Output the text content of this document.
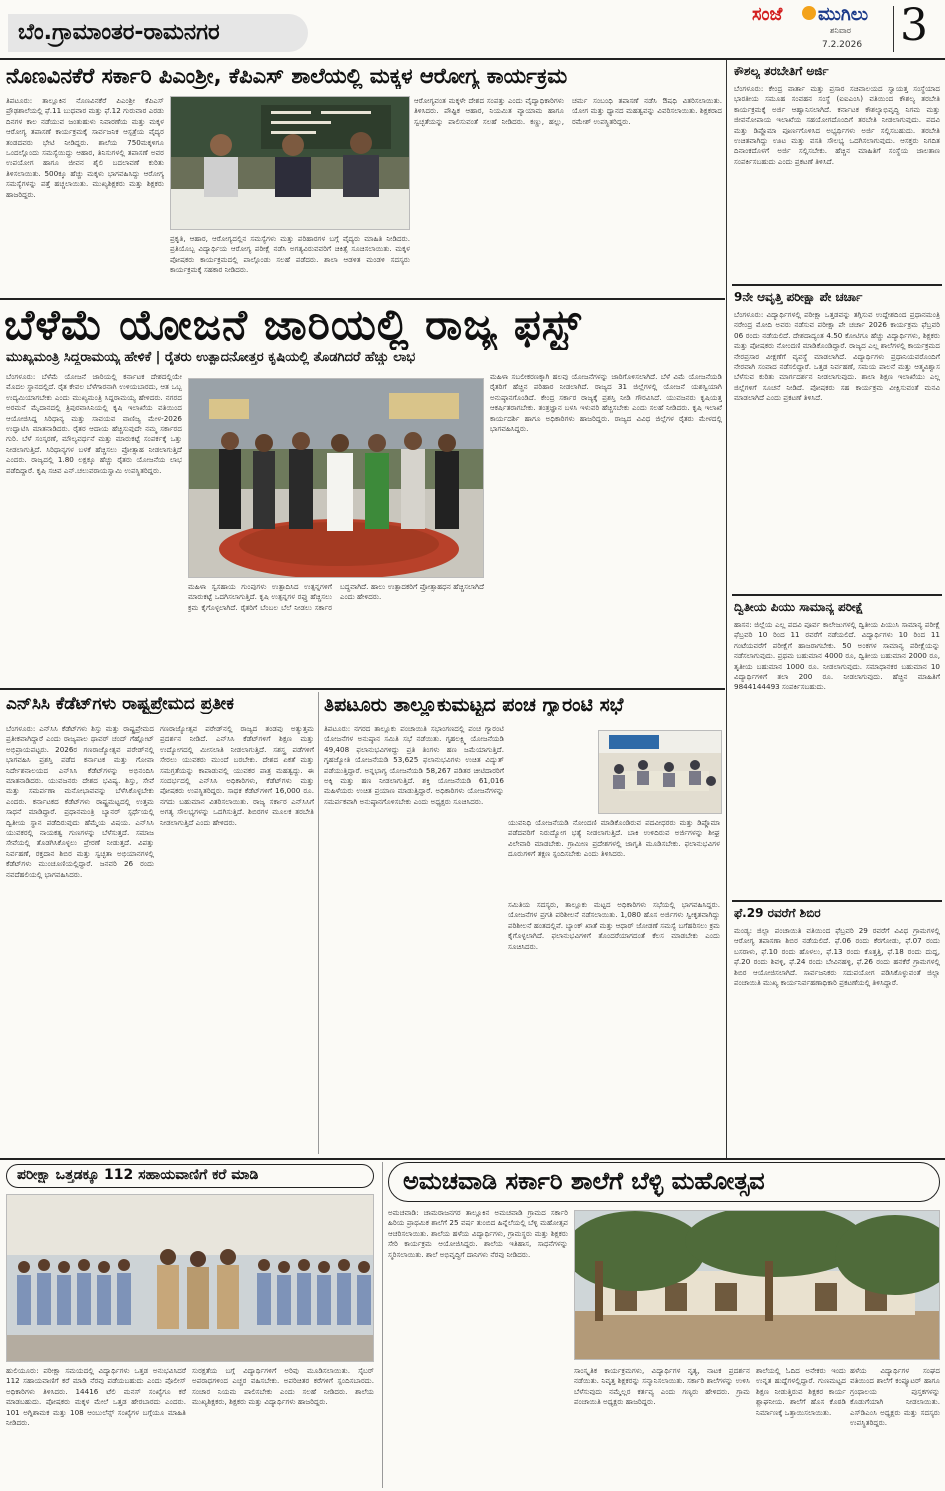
ಬೆಂ.ಗ್ರಾಮಾಂತರ-ರಾಮನಗರ
ಸಂಜೆ ಮುಗಿಲು
ಶನಿವಾರ
7.2.2026 3
ನೊಣವಿನಕೆರೆ ಸರ್ಕಾರಿ ಪಿಎಂಶ್ರೀ, ಕೆಪಿಎಸ್ ಶಾಲೆಯಲ್ಲಿ ಮಕ್ಕಳ ಆರೋಗ್ಯ ಕಾರ್ಯಕ್ರಮ
ತಿಪಟೂರು: ತಾಲ್ಲೂಕಿನ ನೊಣವಿನಕೆರೆ ಪಿಎಂಶ್ರೀ ಕೆಪಿಎಸ್ ಪ್ರೌಢಶಾಲೆಯಲ್ಲಿ ಫೆ.11 ಬುಧವಾರ ಮತ್ತು ಫೆ.12 ಗುರುವಾರ ಎರಡು ದಿನಗಳ ಕಾಲ ನಡೆಯುವ ಜಂತುಹುಳು ನಿವಾರಣೆಯ ಮತ್ತು ಮಕ್ಕಳ ಆರೋಗ್ಯ ತಪಾಸಣೆ ಕಾರ್ಯಕ್ರಮಕ್ಕೆ ಸಾರ್ವಜನಿಕ ಆಸ್ಪತ್ರೆಯ ವೈದ್ಯರ ತಂಡದವರು ಭೇಟಿ ನೀಡಿದ್ದರು. ಶಾಲೆಯ 750ಮಕ್ಕಳಿಗೂ ಒಂದಲ್ಲೊಂದು ಸಮಸ್ಯೆಯಿದ್ದು ಆಹಾರ, ತಿನಿಸುಗಳಲ್ಲಿ ತಪಾಸಣೆ ಅವರ ಉಪಯೋಗ ಹಾಗೂ ಜೀವನ ಶೈಲಿ ಬದಲಾವಣೆ ಕುರಿತು ತಿಳಿಸಲಾಯಿತು. 500ಕ್ಕೂ ಹೆಚ್ಚು ಮಕ್ಕಳು ಭಾಗವಹಿಸಿದ್ದು ಆರೋಗ್ಯ ಸಮಸ್ಯೆಗಳನ್ನು ಪತ್ತೆ ಹಚ್ಚಲಾಯಿತು. ಮುಖ್ಯಶಿಕ್ಷಕರು ಮತ್ತು ಶಿಕ್ಷಕರು ಹಾಜರಿದ್ದರು.
ಪ್ರಕೃತಿ, ಆಹಾರ, ಆರೋಗ್ಯದಲ್ಲಿನ ಸಮಸ್ಯೆಗಳು ಮತ್ತು ಪರಿಹಾರಗಳ ಬಗ್ಗೆ ವೈದ್ಯರು ಮಾಹಿತಿ ನೀಡಿದರು. ಪ್ರತಿಯೊಬ್ಬ ವಿದ್ಯಾರ್ಥಿಯ ಆರೋಗ್ಯ ಪರೀಕ್ಷೆ ನಡೆಸಿ ಅಗತ್ಯವಿರುವವರಿಗೆ ಚಿಕಿತ್ಸೆ ಸೂಚಿಸಲಾಯಿತು. ಮಕ್ಕಳ ಪೋಷಕರು ಕಾರ್ಯಕ್ರಮದಲ್ಲಿ ಪಾಲ್ಗೊಂಡು ಸಲಹೆ ಪಡೆದರು. ಶಾಲಾ ಆಡಳಿತ ಮಂಡಳಿ ಸದಸ್ಯರು ಕಾರ್ಯಕ್ರಮಕ್ಕೆ ಸಹಕಾರ ನೀಡಿದರು.
ಆರೋಗ್ಯವಂತ ಮಕ್ಕಳೇ ದೇಶದ ಸಂಪತ್ತು ಎಂದು ವೈದ್ಯಾಧಿಕಾರಿಗಳು ತಿಳಿಸಿದರು. ಪೌಷ್ಟಿಕ ಆಹಾರ, ನಿಯಮಿತ ವ್ಯಾಯಾಮ ಹಾಗೂ ಸ್ವಚ್ಛತೆಯನ್ನು ಪಾಲಿಸುವಂತೆ ಸಲಹೆ ನೀಡಿದರು. ಕಣ್ಣು, ಹಲ್ಲು, ಚರ್ಮ ಸಂಬಂಧಿ ತಪಾಸಣೆ ನಡೆಸಿ ಔಷಧಿ ವಿತರಿಸಲಾಯಿತು. ಯೋಗ ಮತ್ತು ಧ್ಯಾನದ ಮಹತ್ವವನ್ನು ವಿವರಿಸಲಾಯಿತು. ಶಿಕ್ಷಕರಾದ ರಮೇಶ್ ಉಪಸ್ಥಿತರಿದ್ದರು.
ಬೆಳೆಮೆ ಯೋಜನೆ ಜಾರಿಯಲ್ಲಿ ರಾಜ್ಯ ಫಸ್ಟ್
ಮುಖ್ಯಮಂತ್ರಿ ಸಿದ್ದರಾಮಯ್ಯ ಹೇಳಿಕೆ | ರೈತರು ಉತ್ಪಾದನೋತ್ತರ ಕೃಷಿಯಲ್ಲಿ ತೊಡಗಿದರೆ ಹೆಚ್ಚು ಲಾಭ
ಬೆಂಗಳೂರು: ಬೆಳೆಮೆ ಯೋಜನೆ ಜಾರಿಯಲ್ಲಿ ಕರ್ನಾಟಕ ದೇಶದಲ್ಲಿಯೇ ಮೊದಲ ಸ್ಥಾನದಲ್ಲಿದೆ. ರೈತ ಕೇವಲ ಬೆಳೆಗಾರನಾಗಿ ಉಳಿಯಬಾರದು, ಆತ ಒಬ್ಬ ಉದ್ಯಮಿಯಾಗಬೇಕು ಎಂದು ಮುಖ್ಯಮಂತ್ರಿ ಸಿದ್ದರಾಮಯ್ಯ ಹೇಳಿದರು. ನಗರದ ಅರಮನೆ ಮೈದಾನದಲ್ಲಿ ತ್ರಿಪುರವಾಸಿನಿಯಲ್ಲಿ ಕೃಷಿ ಇಲಾಖೆಯ ವತಿಯಿಂದ ಆಯೋಜಿಸಿದ್ದ ಸಿರಿಧಾನ್ಯ ಮತ್ತು ಸಾವಯವ ವಾಣಿಜ್ಯ ಮೇಳ-2026 ಉದ್ಘಾಟಿಸಿ ಮಾತನಾಡಿದರು. ರೈತರ ಆದಾಯ ಹೆಚ್ಚಿಸುವುದೇ ನಮ್ಮ ಸರ್ಕಾರದ ಗುರಿ. ಬೆಳೆ ಸಂಸ್ಕರಣೆ, ಮೌಲ್ಯವರ್ಧನೆ ಮತ್ತು ಮಾರುಕಟ್ಟೆ ಸಂಪರ್ಕಕ್ಕೆ ಒತ್ತು ನೀಡಲಾಗುತ್ತಿದೆ. ಸಿರಿಧಾನ್ಯಗಳ ಬಳಕೆ ಹೆಚ್ಚಿಸಲು ಪ್ರೋತ್ಸಾಹ ನೀಡಲಾಗುತ್ತಿದೆ ಎಂದರು. ರಾಜ್ಯದಲ್ಲಿ 1.80 ಲಕ್ಷಕ್ಕೂ ಹೆಚ್ಚು ರೈತರು ಯೋಜನೆಯ ಲಾಭ ಪಡೆದಿದ್ದಾರೆ. ಕೃಷಿ ಸಚಿವ ಎನ್.ಚಲುವರಾಯಸ್ವಾಮಿ ಉಪಸ್ಥಿತರಿದ್ದರು.
ಮಹಿಳಾ ಸ್ವಸಹಾಯ ಗುಂಪುಗಳು ಉತ್ಪಾದಿಸಿದ ಉತ್ಪನ್ನಗಳಿಗೆ ಮಾರುಕಟ್ಟೆ ಒದಗಿಸಲಾಗುತ್ತಿದೆ. ಕೃಷಿ ಉತ್ಪನ್ನಗಳ ರಫ್ತು ಹೆಚ್ಚಿಸಲು ಕ್ರಮ ಕೈಗೊಳ್ಳಲಾಗಿದೆ. ರೈತರಿಗೆ ಬೆಂಬಲ ಬೆಲೆ ನೀಡಲು ಸರ್ಕಾರ ಬದ್ಧವಾಗಿದೆ. ಹಾಲು ಉತ್ಪಾದಕರಿಗೆ ಪ್ರೋತ್ಸಾಹಧನ ಹೆಚ್ಚಿಸಲಾಗಿದೆ ಎಂದು ಹೇಳಿದರು.
ಮಹಿಳಾ ಸಬಲೀಕರಣಕ್ಕಾಗಿ ಹಲವು ಯೋಜನೆಗಳನ್ನು ಜಾರಿಗೊಳಿಸಲಾಗಿದೆ. ಬೆಳೆ ವಿಮೆ ಯೋಜನೆಯಡಿ ರೈತರಿಗೆ ಹೆಚ್ಚಿನ ಪರಿಹಾರ ನೀಡಲಾಗಿದೆ. ರಾಜ್ಯದ 31 ಜಿಲ್ಲೆಗಳಲ್ಲಿ ಯೋಜನೆ ಯಶಸ್ವಿಯಾಗಿ ಅನುಷ್ಠಾನಗೊಂಡಿದೆ. ಕೇಂದ್ರ ಸರ್ಕಾರ ರಾಜ್ಯಕ್ಕೆ ಪ್ರಶಸ್ತಿ ನೀಡಿ ಗೌರವಿಸಿದೆ. ಯುವಜನರು ಕೃಷಿಯತ್ತ ಆಕರ್ಷಿತರಾಗಬೇಕು. ತಂತ್ರಜ್ಞಾನ ಬಳಸಿ ಇಳುವರಿ ಹೆಚ್ಚಿಸಬೇಕು ಎಂದು ಸಲಹೆ ನೀಡಿದರು. ಕೃಷಿ ಇಲಾಖೆ ಕಾರ್ಯದರ್ಶಿ ಹಾಗೂ ಅಧಿಕಾರಿಗಳು ಹಾಜರಿದ್ದರು. ರಾಜ್ಯದ ವಿವಿಧ ಜಿಲ್ಲೆಗಳ ರೈತರು ಮೇಳದಲ್ಲಿ ಭಾಗವಹಿಸಿದ್ದರು.
ಎನ್‌ಸಿಸಿ ಕೆಡೆಟ್‌ಗಳು ರಾಷ್ಟ್ರಪ್ರೇಮದ ಪ್ರತೀಕ
ಬೆಂಗಳೂರು: ಎನ್‌ಸಿಸಿ ಕೆಡೆಟ್‌ಗಳು ಶಿಸ್ತು ಮತ್ತು ರಾಷ್ಟ್ರಪ್ರೇಮದ ಪ್ರತೀಕವಾಗಿದ್ದಾರೆ ಎಂದು ರಾಜ್ಯಪಾಲ ಥಾವರ್ ಚಂದ್ ಗೆಹ್ಲೋಟ್ ಅಭಿಪ್ರಾಯಪಟ್ಟರು. 2026ರ ಗಣರಾಜ್ಯೋತ್ಸವ ಪರೇಡ್‌ನಲ್ಲಿ ಭಾಗವಹಿಸಿ ಪ್ರಶಸ್ತಿ ಪಡೆದ ಕರ್ನಾಟಕ ಮತ್ತು ಗೋವಾ ನಿರ್ದೇಶನಾಲಯದ ಎನ್‌ಸಿಸಿ ಕೆಡೆಟ್‌ಗಳನ್ನು ಅಭಿನಂದಿಸಿ ಮಾತನಾಡಿದರು. ಯುವಜನರು ದೇಶದ ಭವಿಷ್ಯ. ಶಿಸ್ತು, ಸೇವೆ ಮತ್ತು ಸಮರ್ಪಣಾ ಮನೋಭಾವವನ್ನು ಬೆಳೆಸಿಕೊಳ್ಳಬೇಕು ಎಂದರು. ಕರ್ನಾಟಕದ ಕೆಡೆಟ್‌ಗಳು ರಾಷ್ಟ್ರಮಟ್ಟದಲ್ಲಿ ಉತ್ತಮ ಸಾಧನೆ ಮಾಡಿದ್ದಾರೆ. ಪ್ರಧಾನಮಂತ್ರಿ ಬ್ಯಾನರ್ ಸ್ಪರ್ಧೆಯಲ್ಲಿ ದ್ವಿತೀಯ ಸ್ಥಾನ ಪಡೆದಿರುವುದು ಹೆಮ್ಮೆಯ ವಿಷಯ. ಎನ್‌ಸಿಸಿ ಯುವಕರಲ್ಲಿ ನಾಯಕತ್ವ ಗುಣಗಳನ್ನು ಬೆಳೆಸುತ್ತದೆ. ಸಮಾಜ ಸೇವೆಯಲ್ಲಿ ತೊಡಗಿಸಿಕೊಳ್ಳಲು ಪ್ರೇರಣೆ ನೀಡುತ್ತದೆ. ವಿಪತ್ತು ನಿರ್ವಹಣೆ, ರಕ್ತದಾನ ಶಿಬಿರ ಮತ್ತು ಸ್ವಚ್ಛತಾ ಅಭಿಯಾನಗಳಲ್ಲಿ ಕೆಡೆಟ್‌ಗಳು ಮುಂಚೂಣಿಯಲ್ಲಿದ್ದಾರೆ. ಜನವರಿ 26 ರಂದು ನವದೆಹಲಿಯಲ್ಲಿ ಭಾಗವಹಿಸಿದರು.
ಗಣರಾಜ್ಯೋತ್ಸವ ಪರೇಡ್‌ನಲ್ಲಿ ರಾಜ್ಯದ ತಂಡವು ಅತ್ಯುತ್ತಮ ಪ್ರದರ್ಶನ ನೀಡಿದೆ. ಎನ್‌ಸಿಸಿ ಕೆಡೆಟ್‌ಗಳಿಗೆ ಶಿಕ್ಷಣ ಮತ್ತು ಉದ್ಯೋಗದಲ್ಲಿ ಮೀಸಲಾತಿ ನೀಡಲಾಗುತ್ತಿದೆ. ಸಶಸ್ತ್ರ ಪಡೆಗಳಿಗೆ ಸೇರಲು ಯುವಕರು ಮುಂದೆ ಬರಬೇಕು. ದೇಶದ ಏಕತೆ ಮತ್ತು ಸಮಗ್ರತೆಯನ್ನು ಕಾಪಾಡುವಲ್ಲಿ ಯುವಕರ ಪಾತ್ರ ಮಹತ್ವದ್ದು. ಈ ಸಂದರ್ಭದಲ್ಲಿ ಎನ್‌ಸಿಸಿ ಅಧಿಕಾರಿಗಳು, ಕೆಡೆಟ್‌ಗಳು ಮತ್ತು ಪೋಷಕರು ಉಪಸ್ಥಿತರಿದ್ದರು. ಸಾಧಕ ಕೆಡೆಟ್‌ಗಳಿಗೆ 16,000 ರೂ. ನಗದು ಬಹುಮಾನ ವಿತರಿಸಲಾಯಿತು. ರಾಜ್ಯ ಸರ್ಕಾರ ಎನ್‌ಸಿಸಿಗೆ ಅಗತ್ಯ ಸೌಲಭ್ಯಗಳನ್ನು ಒದಗಿಸುತ್ತಿದೆ. ಶಿಬಿರಗಳ ಮೂಲಕ ತರಬೇತಿ ನೀಡಲಾಗುತ್ತಿದೆ ಎಂದು ಹೇಳಿದರು.
ತಿಪಟೂರು ತಾಲ್ಲೂಕುಮಟ್ಟದ ಪಂಚ ಗ್ಯಾರಂಟಿ ಸಭೆ
ತಿಪಟೂರು: ನಗರದ ತಾಲ್ಲೂಕು ಪಂಚಾಯಿತಿ ಸಭಾಂಗಣದಲ್ಲಿ ಪಂಚ ಗ್ಯಾರಂಟಿ ಯೋಜನೆಗಳ ಅನುಷ್ಠಾನ ಸಮಿತಿ ಸಭೆ ನಡೆಯಿತು. ಗೃಹಲಕ್ಷ್ಮಿ ಯೋಜನೆಯಡಿ 49,408 ಫಲಾನುಭವಿಗಳಿದ್ದು ಪ್ರತಿ ತಿಂಗಳು ಹಣ ಜಮೆಯಾಗುತ್ತಿದೆ. ಗೃಹಜ್ಯೋತಿ ಯೋಜನೆಯಡಿ 53,625 ಫಲಾನುಭವಿಗಳು ಉಚಿತ ವಿದ್ಯುತ್ ಪಡೆಯುತ್ತಿದ್ದಾರೆ. ಅನ್ನಭಾಗ್ಯ ಯೋಜನೆಯಡಿ 58,267 ಪಡಿತರ ಚೀಟಿದಾರರಿಗೆ ಅಕ್ಕಿ ಮತ್ತು ಹಣ ನೀಡಲಾಗುತ್ತಿದೆ. ಶಕ್ತಿ ಯೋಜನೆಯಡಿ 61,016 ಮಹಿಳೆಯರು ಉಚಿತ ಪ್ರಯಾಣ ಮಾಡುತ್ತಿದ್ದಾರೆ. ಅಧಿಕಾರಿಗಳು ಯೋಜನೆಗಳನ್ನು ಸಮರ್ಪಕವಾಗಿ ಅನುಷ್ಠಾನಗೊಳಿಸಬೇಕು ಎಂದು ಅಧ್ಯಕ್ಷರು ಸೂಚಿಸಿದರು.
ಯುವನಿಧಿ ಯೋಜನೆಯಡಿ ನೋಂದಣಿ ಮಾಡಿಕೊಂಡಿರುವ ಪದವೀಧರರು ಮತ್ತು ಡಿಪ್ಲೊಮಾ ಪಡೆದವರಿಗೆ ನಿರುದ್ಯೋಗ ಭತ್ಯೆ ನೀಡಲಾಗುತ್ತಿದೆ. ಬಾಕಿ ಉಳಿದಿರುವ ಅರ್ಜಿಗಳನ್ನು ಶೀಘ್ರ ವಿಲೇವಾರಿ ಮಾಡಬೇಕು. ಗ್ರಾಮೀಣ ಪ್ರದೇಶಗಳಲ್ಲಿ ಜಾಗೃತಿ ಮೂಡಿಸಬೇಕು. ಫಲಾನುಭವಿಗಳ ದೂರುಗಳಿಗೆ ತಕ್ಷಣ ಸ್ಪಂದಿಸಬೇಕು ಎಂದು ತಿಳಿಸಿದರು.
ಸಮಿತಿಯ ಸದಸ್ಯರು, ತಾಲ್ಲೂಕು ಮಟ್ಟದ ಅಧಿಕಾರಿಗಳು ಸಭೆಯಲ್ಲಿ ಭಾಗವಹಿಸಿದ್ದರು. ಯೋಜನೆಗಳ ಪ್ರಗತಿ ಪರಿಶೀಲನೆ ನಡೆಸಲಾಯಿತು. 1,080 ಹೊಸ ಅರ್ಜಿಗಳು ಸ್ವೀಕೃತವಾಗಿದ್ದು ಪರಿಶೀಲನೆ ಹಂತದಲ್ಲಿವೆ. ಬ್ಯಾಂಕ್ ಖಾತೆ ಮತ್ತು ಆಧಾರ್ ಜೋಡಣೆ ಸಮಸ್ಯೆ ಬಗೆಹರಿಸಲು ಕ್ರಮ ಕೈಗೊಳ್ಳಲಾಗಿದೆ. ಫಲಾನುಭವಿಗಳಿಗೆ ತೊಂದರೆಯಾಗದಂತೆ ಕೆಲಸ ಮಾಡಬೇಕು ಎಂದು ಸೂಚಿಸಿದರು.
ಕೌಶಲ್ಯ ತರಬೇತಿಗೆ ಅರ್ಜಿ
ಬೆಂಗಳೂರು: ಕೇಂದ್ರ ವಾರ್ತಾ ಮತ್ತು ಪ್ರಸಾರ ಸಚಿವಾಲಯದ ಸ್ವಾಯತ್ತ ಸಂಸ್ಥೆಯಾದ ಭಾರತೀಯ ಸಮೂಹ ಸಂವಹನ ಸಂಸ್ಥೆ (ಐಐಎಂಸಿ) ವತಿಯಿಂದ ಕೌಶಲ್ಯ ತರಬೇತಿ ಕಾರ್ಯಕ್ರಮಕ್ಕೆ ಅರ್ಜಿ ಆಹ್ವಾನಿಸಲಾಗಿದೆ. ಕರ್ನಾಟಕ ಕೌಶಲ್ಯಾಭಿವೃದ್ಧಿ ನಿಗಮ ಮತ್ತು ಜೀವನೋಪಾಯ ಇಲಾಖೆಯ ಸಹಯೋಗದೊಂದಿಗೆ ತರಬೇತಿ ನೀಡಲಾಗುವುದು. ಪದವಿ ಮತ್ತು ಡಿಪ್ಲೊಮಾ ಪೂರ್ಣಗೊಳಿಸಿದ ಅಭ್ಯರ್ಥಿಗಳು ಅರ್ಜಿ ಸಲ್ಲಿಸಬಹುದು. ತರಬೇತಿ ಉಚಿತವಾಗಿದ್ದು ಊಟ ಮತ್ತು ವಸತಿ ಸೌಲಭ್ಯ ಒದಗಿಸಲಾಗುವುದು. ಆಸಕ್ತರು ನಿಗದಿತ ದಿನಾಂಕದೊಳಗೆ ಅರ್ಜಿ ಸಲ್ಲಿಸಬೇಕು. ಹೆಚ್ಚಿನ ಮಾಹಿತಿಗೆ ಸಂಸ್ಥೆಯ ಜಾಲತಾಣ ಸಂಪರ್ಕಿಸಬಹುದು ಎಂದು ಪ್ರಕಟಣೆ ತಿಳಿಸಿದೆ.
9ನೇ ಆವೃತ್ತಿ ಪರೀಕ್ಷಾ ಪೇ ಚರ್ಚಾ
ಬೆಂಗಳೂರು: ವಿದ್ಯಾರ್ಥಿಗಳಲ್ಲಿ ಪರೀಕ್ಷಾ ಒತ್ತಡವನ್ನು ತಗ್ಗಿಸುವ ಉದ್ದೇಶದಿಂದ ಪ್ರಧಾನಮಂತ್ರಿ ನರೇಂದ್ರ ಮೋದಿ ಅವರು ನಡೆಸುವ ಪರೀಕ್ಷಾ ಪೇ ಚರ್ಚಾ 2026 ಕಾರ್ಯಕ್ರಮ ಫೆಬ್ರವರಿ 06 ರಂದು ನಡೆಯಲಿದೆ. ದೇಶದಾದ್ಯಂತ 4.50 ಕೋಟಿಗೂ ಹೆಚ್ಚು ವಿದ್ಯಾರ್ಥಿಗಳು, ಶಿಕ್ಷಕರು ಮತ್ತು ಪೋಷಕರು ನೋಂದಣಿ ಮಾಡಿಕೊಂಡಿದ್ದಾರೆ. ರಾಜ್ಯದ ಎಲ್ಲ ಶಾಲೆಗಳಲ್ಲಿ ಕಾರ್ಯಕ್ರಮದ ನೇರಪ್ರಸಾರ ವೀಕ್ಷಣೆಗೆ ವ್ಯವಸ್ಥೆ ಮಾಡಲಾಗಿದೆ. ವಿದ್ಯಾರ್ಥಿಗಳು ಪ್ರಧಾನಿಯವರೊಂದಿಗೆ ನೇರವಾಗಿ ಸಂವಾದ ನಡೆಸಲಿದ್ದಾರೆ. ಒತ್ತಡ ನಿರ್ವಹಣೆ, ಸಮಯ ಪಾಲನೆ ಮತ್ತು ಆತ್ಮವಿಶ್ವಾಸ ಬೆಳೆಸುವ ಕುರಿತು ಮಾರ್ಗದರ್ಶನ ನೀಡಲಾಗುವುದು. ಶಾಲಾ ಶಿಕ್ಷಣ ಇಲಾಖೆಯು ಎಲ್ಲ ಜಿಲ್ಲೆಗಳಿಗೆ ಸೂಚನೆ ನೀಡಿದೆ. ಪೋಷಕರು ಸಹ ಕಾರ್ಯಕ್ರಮ ವೀಕ್ಷಿಸುವಂತೆ ಮನವಿ ಮಾಡಲಾಗಿದೆ ಎಂದು ಪ್ರಕಟಣೆ ತಿಳಿಸಿದೆ.
ದ್ವಿತೀಯ ಪಿಯು ಸಾಮಾನ್ಯ ಪರೀಕ್ಷೆ
ಹಾಸನ: ಜಿಲ್ಲೆಯ ಎಲ್ಲ ಪದವಿ ಪೂರ್ವ ಕಾಲೇಜುಗಳಲ್ಲಿ ದ್ವಿತೀಯ ಪಿಯುಸಿ ಸಾಮಾನ್ಯ ಪರೀಕ್ಷೆ ಫೆಬ್ರವರಿ 10 ರಿಂದ 11 ರವರೆಗೆ ನಡೆಯಲಿದೆ. ವಿದ್ಯಾರ್ಥಿಗಳು 10 ರಿಂದ 11 ಗಂಟೆಯವರೆಗೆ ಪರೀಕ್ಷೆಗೆ ಹಾಜರಾಗಬೇಕು. 50 ಅಂಕಗಳ ಸಾಮಾನ್ಯ ಪರೀಕ್ಷೆಯನ್ನು ನಡೆಸಲಾಗುವುದು. ಪ್ರಥಮ ಬಹುಮಾನ 4000 ರೂ, ದ್ವಿತೀಯ ಬಹುಮಾನ 2000 ರೂ, ತೃತೀಯ ಬಹುಮಾನ 1000 ರೂ. ನೀಡಲಾಗುವುದು. ಸಮಾಧಾನಕರ ಬಹುಮಾನ 10 ವಿದ್ಯಾರ್ಥಿಗಳಿಗೆ ತಲಾ 200 ರೂ. ನೀಡಲಾಗುವುದು. ಹೆಚ್ಚಿನ ಮಾಹಿತಿಗೆ 9844144493 ಸಂಪರ್ಕಿಸಬಹುದು.
ಫೆ.29 ರವರೆಗೆ ಶಿಬಿರ
ಮಂಡ್ಯ: ಜಿಲ್ಲಾ ಪಂಚಾಯಿತಿ ವತಿಯಿಂದ ಫೆಬ್ರವರಿ 29 ರವರೆಗೆ ವಿವಿಧ ಗ್ರಾಮಗಳಲ್ಲಿ ಆರೋಗ್ಯ ತಪಾಸಣಾ ಶಿಬಿರ ನಡೆಯಲಿದೆ. ಫೆ.06 ರಂದು ಕೆರಗೋಡು, ಫೆ.07 ರಂದು ಬಸರಾಳು, ಫೆ.10 ರಂದು ಹೊಳಲು, ಫೆ.13 ರಂದು ಕೊತ್ತತ್ತಿ, ಫೆ.18 ರಂದು ದುದ್ದ, ಫೆ.20 ರಂದು ಶಿವಳ್ಳಿ, ಫೆ.24 ರಂದು ಬೇವಿನಹಳ್ಳಿ, ಫೆ.26 ರಂದು ಹನಕೆರೆ ಗ್ರಾಮಗಳಲ್ಲಿ ಶಿಬಿರ ಆಯೋಜಿಸಲಾಗಿದೆ. ಸಾರ್ವಜನಿಕರು ಸದುಪಯೋಗ ಪಡಿಸಿಕೊಳ್ಳುವಂತೆ ಜಿಲ್ಲಾ ಪಂಚಾಯಿತಿ ಮುಖ್ಯ ಕಾರ್ಯನಿರ್ವಹಣಾಧಿಕಾರಿ ಪ್ರಕಟಣೆಯಲ್ಲಿ ತಿಳಿಸಿದ್ದಾರೆ.
ಪರೀಕ್ಷಾ ಒತ್ತಡಕ್ಕೂ 112 ಸಹಾಯವಾಣಿಗೆ ಕರೆ ಮಾಡಿ
ಹುಲಿಯೂರು: ಪರೀಕ್ಷಾ ಸಮಯದಲ್ಲಿ ವಿದ್ಯಾರ್ಥಿಗಳು ಒತ್ತಡ ಅನುಭವಿಸಿದರೆ 112 ಸಹಾಯವಾಣಿಗೆ ಕರೆ ಮಾಡಿ ನೆರವು ಪಡೆಯಬಹುದು ಎಂದು ಪೊಲೀಸ್ ಅಧಿಕಾರಿಗಳು ತಿಳಿಸಿದರು. 14416 ಟೆಲಿ ಮನಸ್ ಸಂಖ್ಯೆಗೂ ಕರೆ ಮಾಡಬಹುದು. ಪೋಷಕರು ಮಕ್ಕಳ ಮೇಲೆ ಒತ್ತಡ ಹೇರಬಾರದು ಎಂದರು. 101 ಅಗ್ನಿಶಾಮಕ ಮತ್ತು 108 ಆಂಬುಲೆನ್ಸ್ ಸಂಖ್ಯೆಗಳ ಬಗ್ಗೆಯೂ ಮಾಹಿತಿ ನೀಡಿದರು.
ಸುರಕ್ಷತೆಯ ಬಗ್ಗೆ ವಿದ್ಯಾರ್ಥಿಗಳಿಗೆ ಅರಿವು ಮೂಡಿಸಲಾಯಿತು. ಸೈಬರ್ ಅಪರಾಧಗಳಿಂದ ಎಚ್ಚರ ವಹಿಸಬೇಕು. ಅಪರಿಚಿತರ ಕರೆಗಳಿಗೆ ಸ್ಪಂದಿಸಬಾರದು. ಸಂಚಾರ ನಿಯಮ ಪಾಲಿಸಬೇಕು ಎಂದು ಸಲಹೆ ನೀಡಿದರು. ಶಾಲೆಯ ಮುಖ್ಯಶಿಕ್ಷಕರು, ಶಿಕ್ಷಕರು ಮತ್ತು ವಿದ್ಯಾರ್ಥಿಗಳು ಹಾಜರಿದ್ದರು.
ಅಮಚವಾಡಿ ಸರ್ಕಾರಿ ಶಾಲೆಗೆ ಬೆಳ್ಳಿ ಮಹೋತ್ಸವ
ಅಮಚವಾಡಿ: ಚಾಮರಾಜನಗರ ತಾಲ್ಲೂಕಿನ ಅಮಚವಾಡಿ ಗ್ರಾಮದ ಸರ್ಕಾರಿ ಹಿರಿಯ ಪ್ರಾಥಮಿಕ ಶಾಲೆಗೆ 25 ವರ್ಷ ತುಂಬಿದ ಹಿನ್ನೆಲೆಯಲ್ಲಿ ಬೆಳ್ಳಿ ಮಹೋತ್ಸವ ಆಚರಿಸಲಾಯಿತು. ಶಾಲೆಯ ಹಳೆಯ ವಿದ್ಯಾರ್ಥಿಗಳು, ಗ್ರಾಮಸ್ಥರು ಮತ್ತು ಶಿಕ್ಷಕರು ಸೇರಿ ಕಾರ್ಯಕ್ರಮ ಆಯೋಜಿಸಿದ್ದರು. ಶಾಲೆಯ ಇತಿಹಾಸ, ಸಾಧನೆಗಳನ್ನು ಸ್ಮರಿಸಲಾಯಿತು. ಶಾಲೆ ಅಭಿವೃದ್ಧಿಗೆ ದಾನಿಗಳು ನೆರವು ನೀಡಿದರು.
ಸಾಂಸ್ಕೃತಿಕ ಕಾರ್ಯಕ್ರಮಗಳು, ವಿದ್ಯಾರ್ಥಿಗಳ ನೃತ್ಯ, ನಾಟಕ ಪ್ರದರ್ಶನ ನಡೆಯಿತು. ನಿವೃತ್ತ ಶಿಕ್ಷಕರನ್ನು ಸನ್ಮಾನಿಸಲಾಯಿತು. ಸರ್ಕಾರಿ ಶಾಲೆಗಳನ್ನು ಉಳಿಸಿ ಬೆಳೆಸುವುದು ನಮ್ಮೆಲ್ಲರ ಕರ್ತವ್ಯ ಎಂದು ಗಣ್ಯರು ಹೇಳಿದರು. ಗ್ರಾಮ ಪಂಚಾಯಿತಿ ಅಧ್ಯಕ್ಷರು ಹಾಜರಿದ್ದರು.
ಶಾಲೆಯಲ್ಲಿ ಓದಿದ ಅನೇಕರು ಇಂದು ಉನ್ನತ ಹುದ್ದೆಗಳಲ್ಲಿದ್ದಾರೆ. ಗುಣಮಟ್ಟದ ಶಿಕ್ಷಣ ನೀಡುತ್ತಿರುವ ಶಿಕ್ಷಕರ ಕಾರ್ಯ ಶ್ಲಾಘನೀಯ. ಶಾಲೆಗೆ ಹೊಸ ಕೊಠಡಿ ನಿರ್ಮಾಣಕ್ಕೆ ಒತ್ತಾಯಿಸಲಾಯಿತು.
ಹಳೆಯ ವಿದ್ಯಾರ್ಥಿಗಳ ಸಂಘದ ವತಿಯಿಂದ ಶಾಲೆಗೆ ಕಂಪ್ಯೂಟರ್ ಹಾಗೂ ಗ್ರಂಥಾಲಯ ಪುಸ್ತಕಗಳನ್ನು ಕೊಡುಗೆಯಾಗಿ ನೀಡಲಾಯಿತು. ಎಸ್‌ಡಿಎಂಸಿ ಅಧ್ಯಕ್ಷರು ಮತ್ತು ಸದಸ್ಯರು ಉಪಸ್ಥಿತರಿದ್ದರು.
